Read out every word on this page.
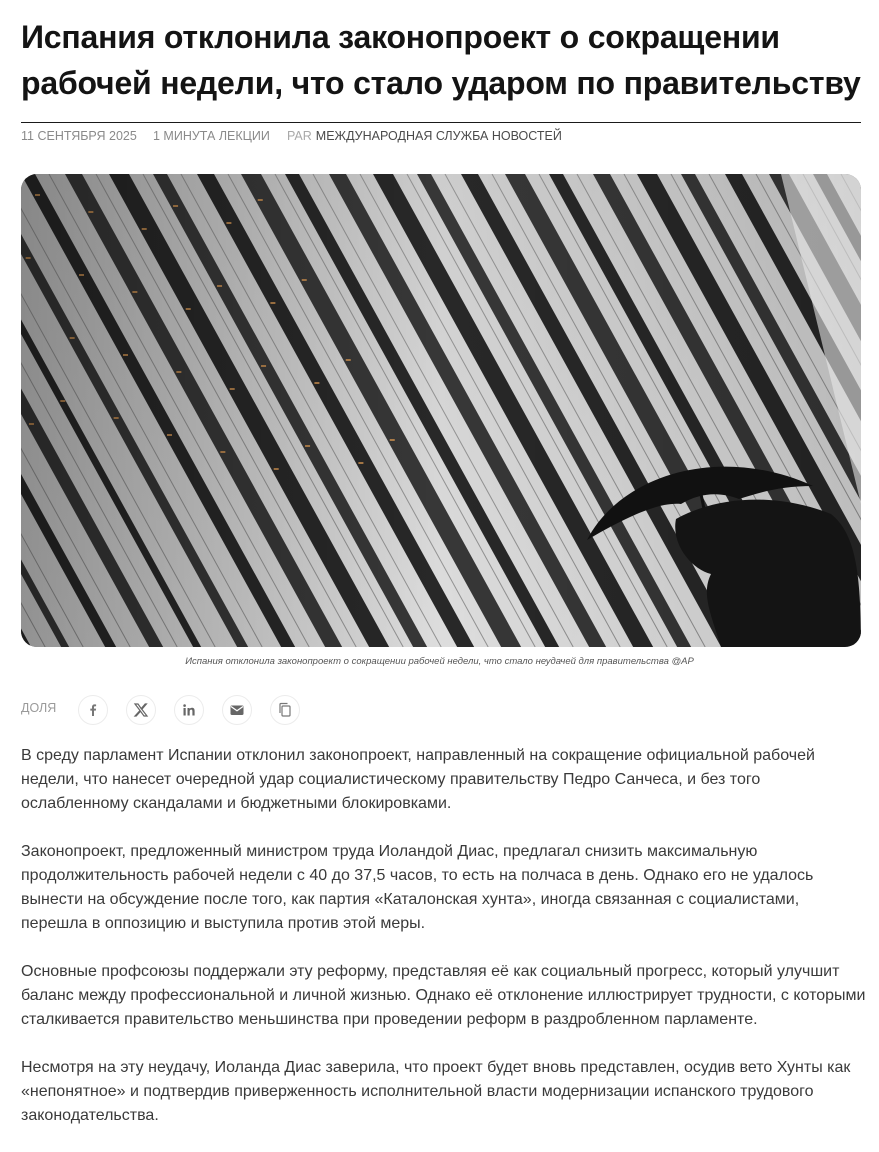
Испания отклонила законопроект о сокращении рабочей недели, что стало ударом по правительству
11 СЕНТЯБРЯ 2025	1 МИНУТА ЛЕКЦИИ	PAR МЕЖДУНАРОДНАЯ СЛУЖБА НОВОСТЕЙ
Испания отклонила законопроект о сокращении рабочей недели, что стало неудачей для правительства @AP
ДОЛЯ

В среду парламент Испании отклонил законопроект, направленный на сокращение официальной рабочей недели, что нанесет очередной удар социалистическому правительству Педро Санчеса, и без того ослабленному скандалами и бюджетными блокировками.

Законопроект, предложенный министром труда Иоландой Диас, предлагал снизить максимальную продолжительность рабочей недели с 40 до 37,5 часов, то есть на полчаса в день. Однако его не удалось вынести на обсуждение после того, как партия «Каталонская хунта», иногда связанная с социалистами, перешла в оппозицию и выступила против этой меры.

Основные профсоюзы поддержали эту реформу, представляя её как социальный прогресс, который улучшит баланс между профессиональной и личной жизнью. Однако её отклонение иллюстрирует трудности, с которыми сталкивается правительство меньшинства при проведении реформ в раздробленном парламенте.

Несмотря на эту неудачу, Иоланда Диас заверила, что проект будет вновь представлен, осудив вето Хунты как «непонятное» и подтвердив приверженность исполнительной власти модернизации испанского трудового законодательства.
